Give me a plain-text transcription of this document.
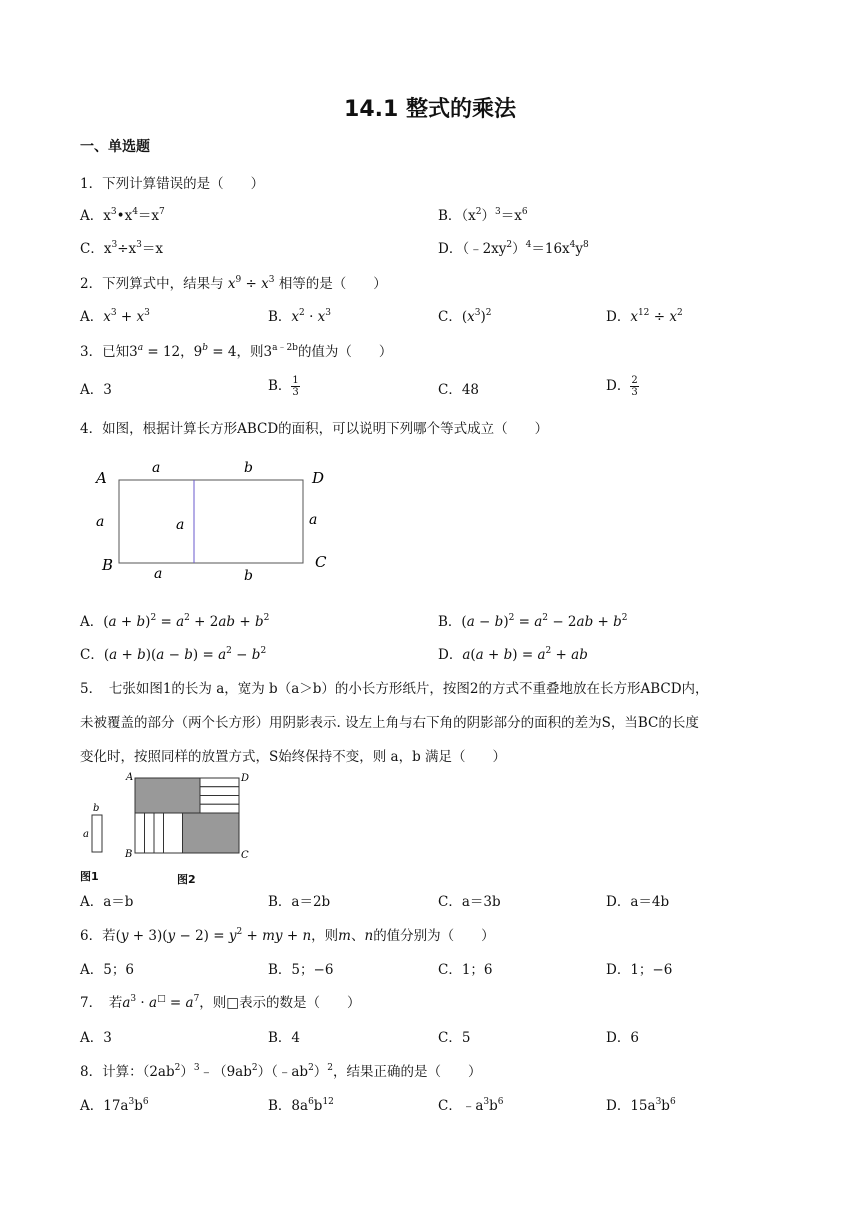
14.1 整式的乘法
一、单选题
1．下列计算错误的是（　　）
A．$x^3•x^4=x^7$	B．$(x^2)^3=x^6$
C．$x^3\div x^3=x$	D．$(﹣2xy^2)^4=16x^4y^8$
2．下列算式中，结果与 $x^9 \div x^3$ 相等的是（　　）
A．$x^3 + x^3$	B．$x^2 \cdot x^3$	C．$(x^3)^2$	D．$x^{12} \div x^2$
3．已知$3^a = 12$，$9^b = 4$，则$3^{a﹣2b}$的值为（　　）
A．3	B． $\frac{1}{3}$	C．48	D． $\frac{2}{3}$
4．如图，根据计算长方形ABCD的面积，可以说明下列哪个等式成立（　　）
A	D
B	C
a	b
a	a	a
a	b
A．$(a + b)^2 = a^2 + 2ab + b^2$	B．$(a - b)^2 = a^2 - 2ab + b^2$
C．$(a + b)(a - b) = a^2 - b^2$	D．$a(a + b) = a^2$ + ab
5．　七张如图1的长为 a，宽为 b（a＞b）的小长方形纸片，按图2的方式不重叠地放在长方形ABCD内，
未被覆盖的部分（两个长方形）用阴影表示. 设左上角与右下角的阴影部分的面积的差为S，当BC的长度
变化时，按照同样的放置方式，S始终保持不变，则 a，b 满足（　　）
b
a
A	D
B	C
图1	图2
A．a＝b	B．a＝2b	C．a＝3b	D．a＝4b
6．若$(y + 3)(y - 2) = y^2$ + my + n，则m、n的值分别为（　　）
A．5；6	B．5；−6	C．1；6	D．1；−6
7．　若$a^3 \cdot a^□ = a^7$，则□表示的数是（　　）
A．3	B．4	C．5	D．6
8．计算：$(2ab^2)^3﹣(9ab^2)(﹣ab^2)^2$，结果正确的是（　　）
A．$17a^3b^6$	B．$8a^6b^{12}$	C．$﹣a^3b^6$	D．$15a^3b^6$
